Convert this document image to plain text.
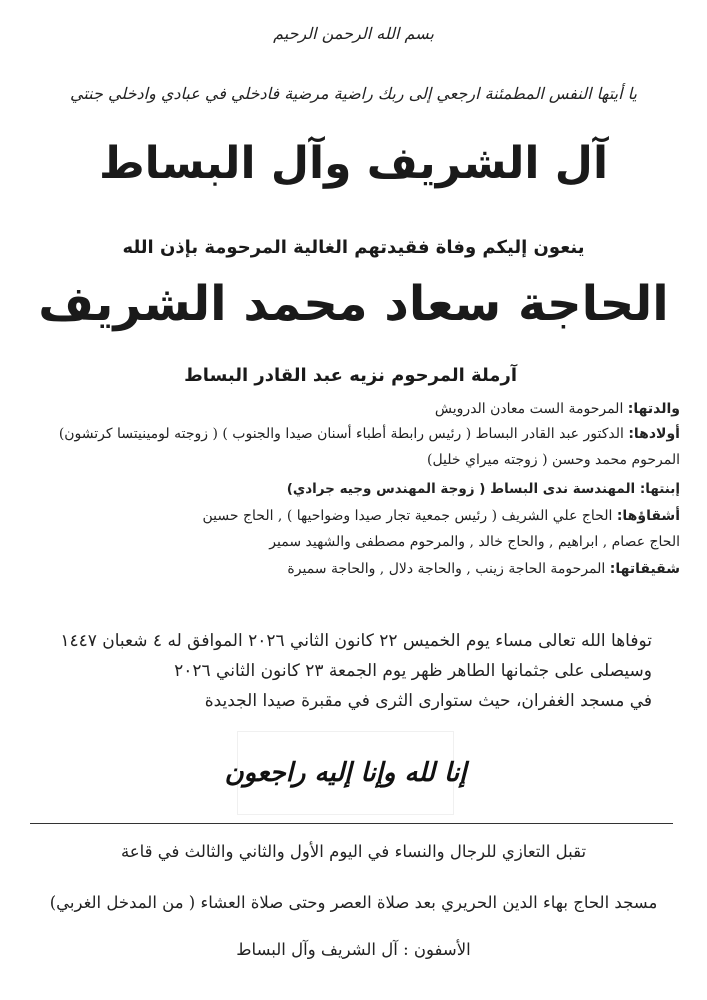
بسم الله الرحمن الرحيم
يا أيتها النفس المطمئنة ارجعي إلى ربك راضية مرضية فادخلي في عبادي وادخلي جنتي
آل الشريف وآل البساط
ينعون إليكم وفاة فقيدتهم الغالية المرحومة بإذن الله
الحاجة سعاد محمد الشريف
آرملة المرحوم نزيه عبد القادر البساط
والدتها: المرحومة الست معادن الدرويش
أولادها: الدكتور عبد القادر البساط ( رئيس رابطة أطباء أسنان صيدا والجنوب ) ( زوجته لومينيتسا كرتشون)
المرحوم محمد وحسن ( زوجته ميراي خليل)
إبنتها: المهندسة ندى البساط ( زوجة المهندس وجيه جرادي)
أشقاؤها: الحاج علي الشريف ( رئيس جمعية تجار صيدا وضواحيها ) , الحاج حسين
الحاج عصام , ابراهيم , والحاج خالد , والمرحوم مصطفى والشهيد سمير
شقيقاتها: المرحومة الحاجة زينب , والحاجة دلال , والحاجة سميرة
توفاها الله تعالى مساء يوم الخميس ٢٢ كانون الثاني ٢٠٢٦ الموافق له ٤ شعبان ١٤٤٧
وسيصلى على جثمانها الطاهر ظهر يوم الجمعة ٢٣ كانون الثاني ٢٠٢٦
في مسجد الغفران، حيث ستوارى الثرى في مقبرة صيدا الجديدة
إنا لله وإنا إليه راجعون
تقبل التعازي للرجال والنساء في اليوم الأول والثاني والثالث في قاعة
مسجد الحاج بهاء الدين الحريري بعد صلاة العصر وحتى صلاة العشاء ( من المدخل الغربي)
الأسفون : آل الشريف وآل البساط
